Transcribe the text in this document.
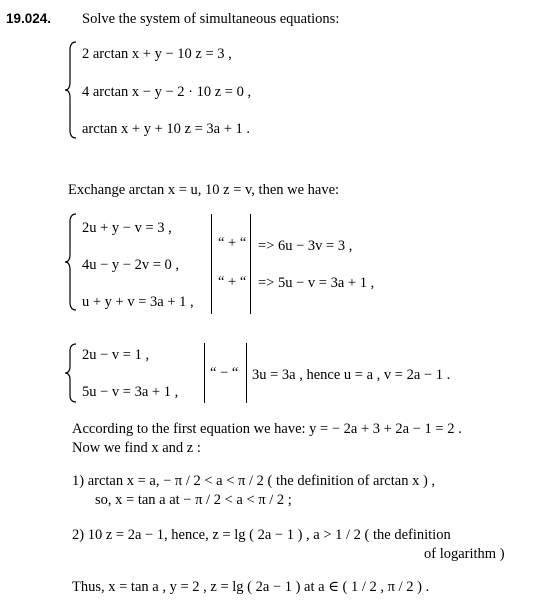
19.024. Solve the system of simultaneous equations:
2 arctan x + y − 10 z = 3 ,
4 arctan x − y − 2 · 10 z = 0 ,
arctan x + y + 10 z = 3a + 1 .
Exchange arctan x = u, 10 z = v, then we have:
2u + y − v = 3 ,
4u − y − 2v = 0 ,
u + y + v = 3a + 1 ,
“ + “
“ + “
=> 6u − 3v = 3 ,
=> 5u − v = 3a + 1 ,
2u − v = 1 ,
5u − v = 3a + 1 ,
“ − “ 3u = 3a , hence u = a , v = 2a − 1 .
According to the first equation we have: y = − 2a + 3 + 2a − 1 = 2 .
Now we find x and z :
1) arctan x = a, − π / 2 < a < π / 2 ( the definition of arctan x ) ,
so, x = tan a at − π / 2 < a < π / 2 ;
2) 10 z = 2a − 1, hence, z = lg ( 2a − 1 ) , a > 1 / 2 ( the definition
of logarithm )
Thus, x = tan a , y = 2 , z = lg ( 2a − 1 ) at a ∈ ( 1 / 2 , π / 2 ) .
